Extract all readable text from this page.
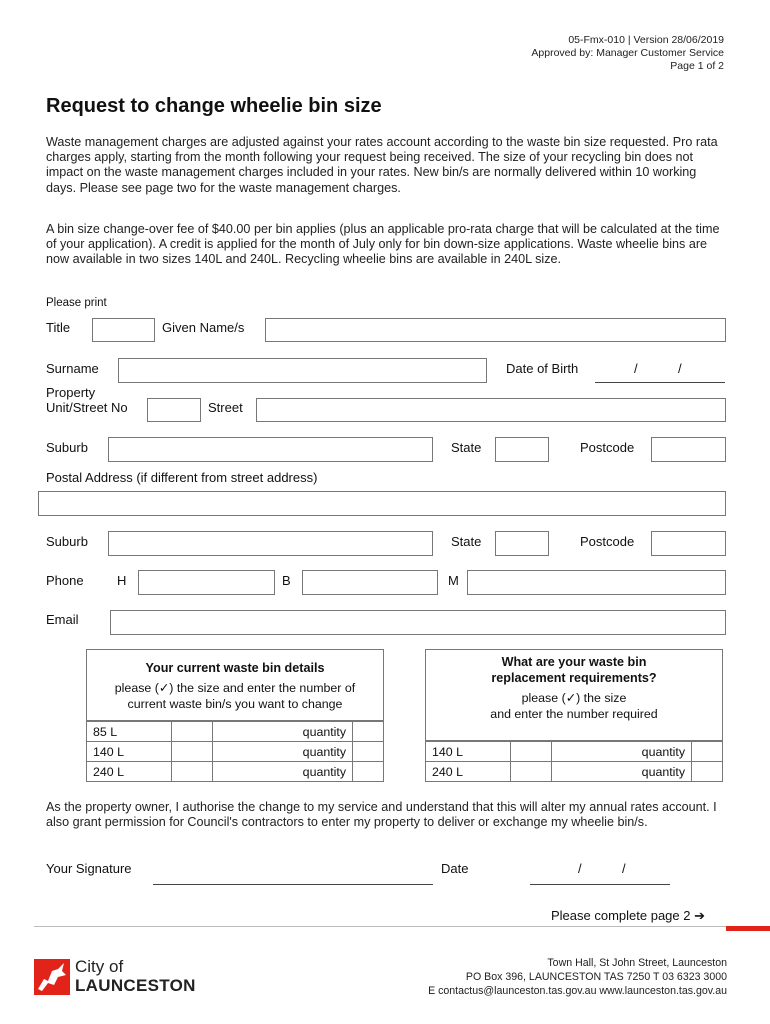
05-Fmx-010 | Version 28/06/2019
Approved by: Manager Customer Service
Page 1 of 2
Request to change wheelie bin size
Waste management charges are adjusted against your rates account according to the waste bin size requested. Pro rata charges apply, starting from the month following your request being received. The size of your recycling bin does not impact on the waste management charges included in your rates. New bin/s are normally delivered within 10 working days. Please see page two for the waste management charges.
A bin size change-over fee of $40.00 per bin applies (plus an applicable pro-rata charge that will be calculated at the time of your application). A credit is applied for the month of July only for bin down-size applications. Waste wheelie bins are now available in two sizes 140L and 240L. Recycling wheelie bins are available in 240L size.
Please print
Title	Given Name/s
Surname	Date of Birth	/	/
Property
Unit/Street No	Street
Suburb	State	Postcode
Postal Address (if different from street address)
Suburb	State	Postcode
Phone	H	B	M
Email
Your current waste bin details
please (✓) the size and enter the number of
current waste bin/s you want to change
85 L		quantity	
140 L		quantity	
240 L		quantity	
What are your waste bin
replacement requirements?
please (✓) the size
and enter the number required
140 L		quantity	
240 L		quantity	
As the property owner, I authorise the change to my service and understand that this will alter my annual rates account. I also grant permission for Council's contractors to enter my property to deliver or exchange my wheelie bin/s.
Your Signature	Date	/	/
Please complete page 2 ➔
City of
LAUNCESTON
Town Hall, St John Street, Launceston
PO Box 396, LAUNCESTON TAS 7250 T 03 6323 3000
E contactus@launceston.tas.gov.au www.launceston.tas.gov.au
